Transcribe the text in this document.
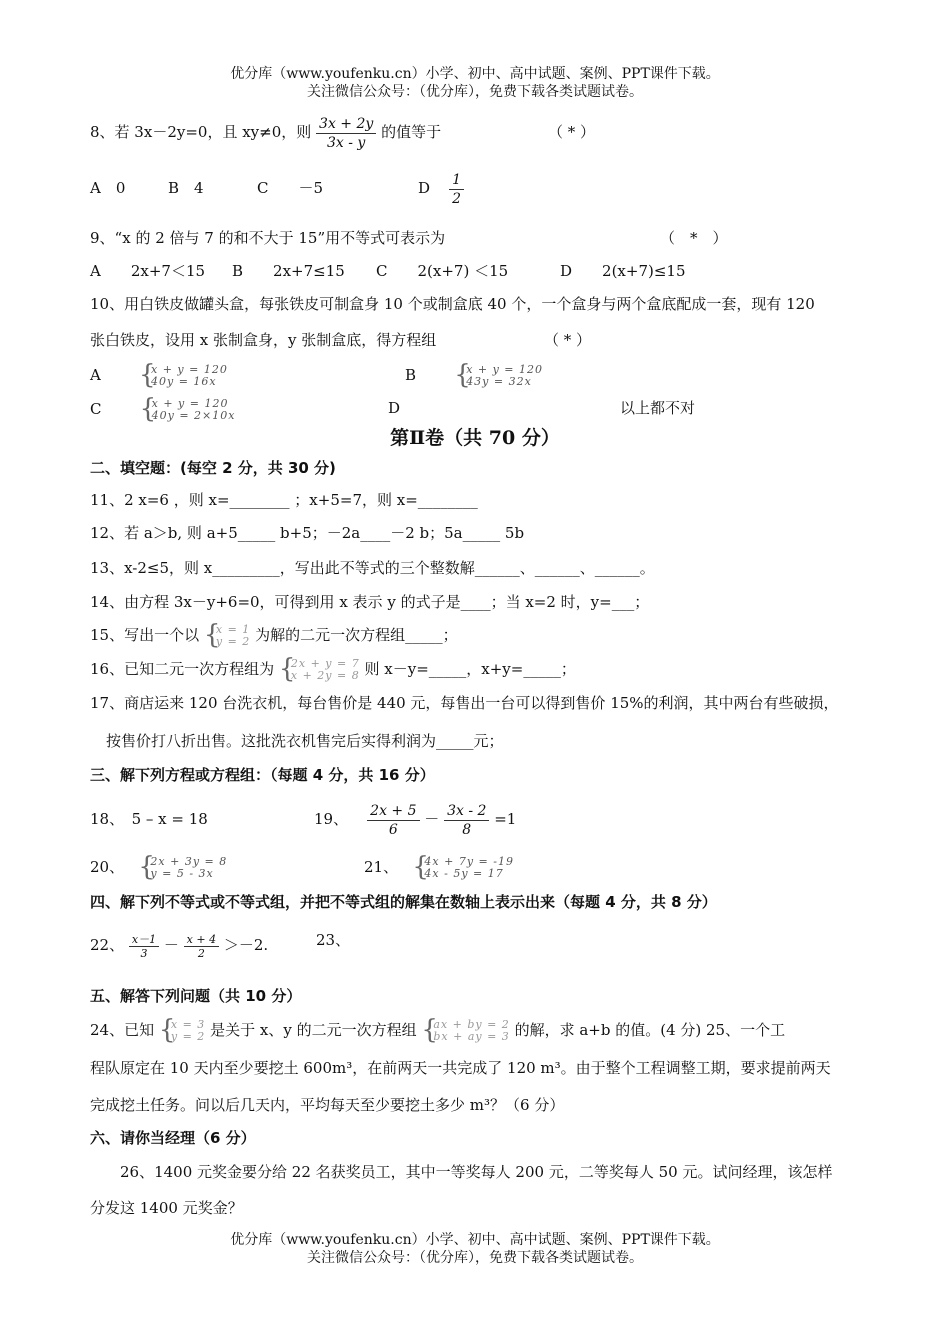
优分库（www.youfenku.cn）小学、初中、高中试题、案例、PPT课件下载。
关注微信公众号：（优分库），免费下载各类试题试卷。
8、若 3x－2y=0，且 xy≠0，则 $\frac{3x + 2y}{3x - y}$ 的值等于	（ * ）
A　0	B　4	C　　－5	D $\frac{1}{2}$
9、“x 的 2 倍与 7 的和不大于 15”用不等式可表示为	（　*　）
A　　2x+7＜15 B　　2x+7≤15 C　　2(x+7) ＜15	D　　2(x+7)≤15
10、用白铁皮做罐头盒，每张铁皮可制盒身 10 个或制盒底 40 个，一个盒身与两个盒底配成一套，现有 120
张白铁皮，设用 x 张制盒身，y 张制盒底，得方程组	（ * ）
A	{ x + y = 120
40y = 16x	B	{ x + y = 120
43y = 32x
C	{ x + y = 120
40y = 2×10x	D	以上都不对
第Ⅱ卷（共 70 分）
二、填空题：(每空 2 分，共 30 分)
11、2 x=6 ，则 x=________ ；x+5=7，则 x=________
12、若 a＞b, 则 a+5_____ b+5；－2a____－2 b；5a_____ 5b
13、x-2≤5，则 x_________，写出此不等式的三个整数解______、______、______。
14、由方程 3x－y+6=0，可得到用 x 表示 y 的式子是____；当 x=2 时，y=___；
15、写出一个以 { x = 1
y = 2 为解的二元一次方程组_____；
16、已知二元一次方程组为 { 2x + y = 7
x + 2y = 8 则 x－y=_____，x+y=_____；
17、商店运来 120 台洗衣机，每台售价是 440 元，每售出一台可以得到售价 15%的利润，其中两台有些破损，
按售价打八折出售。这批洗衣机售完后实得利润为_____元；
三、解下列方程或方程组：（每题 4 分，共 16 分）
18、　5 – x = 18	19、 $\frac{2x + 5}{6} - \frac{3x - 2}{8} =1$
20、 { 2x + 3y = 8
y = 5 - 3x	21、 { 4x + 7y = -19
4x - 5y = 17
四、解下列不等式或不等式组，并把不等式组的解集在数轴上表示出来（每题 4 分，共 8 分）
22、 $\frac{x-1}{3} - \frac{x + 4}{2} >-2$.	23、
五、解答下列问题（共 10 分）
24、已知 { x = 3
y = 2 是关于 x、y 的二元一次方程组 { ax + by = 2
bx + ay = 3 的解，求 a+b 的值。(4 分) 25、一个工
程队原定在 10 天内至少要挖土 600m³，在前两天一共完成了 120 m³。由于整个工程调整工期，要求提前两天
完成挖土任务。问以后几天内，平均每天至少要挖土多少 m³？（6 分）
六、请你当经理（6 分）
26、1400 元奖金要分给 22 名获奖员工，其中一等奖每人 200 元，二等奖每人 50 元。试问经理，该怎样
分发这 1400 元奖金？
优分库（www.youfenku.cn）小学、初中、高中试题、案例、PPT课件下载。
关注微信公众号：（优分库），免费下载各类试题试卷。
